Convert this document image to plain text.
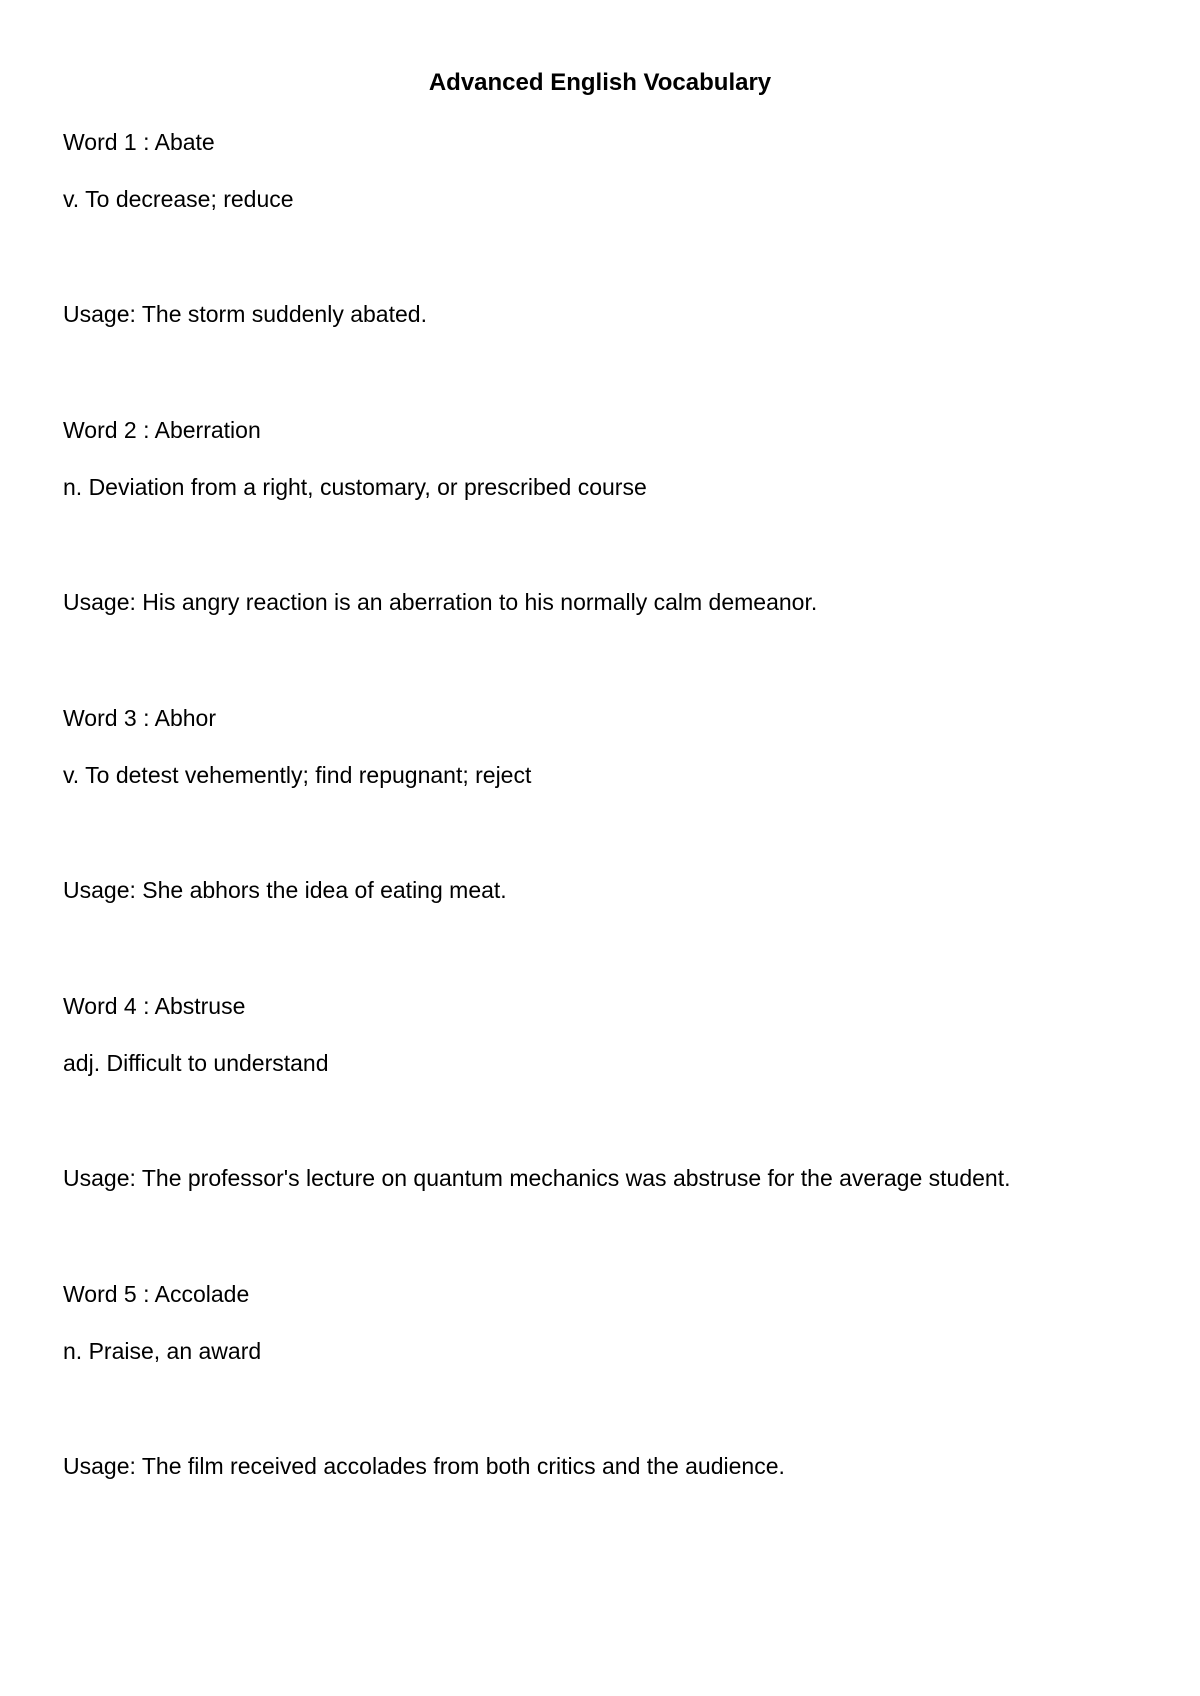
Advanced English Vocabulary

Word 1 : Abate

v. To decrease; reduce

Usage: The storm suddenly abated.

Word 2 : Aberration

n. Deviation from a right, customary, or prescribed course

Usage: His angry reaction is an aberration to his normally calm demeanor.

Word 3 : Abhor

v. To detest vehemently; find repugnant; reject

Usage: She abhors the idea of eating meat.

Word 4 : Abstruse

adj. Difficult to understand

Usage: The professor's lecture on quantum mechanics was abstruse for the average student.

Word 5 : Accolade

n. Praise, an award

Usage: The film received accolades from both critics and the audience.
